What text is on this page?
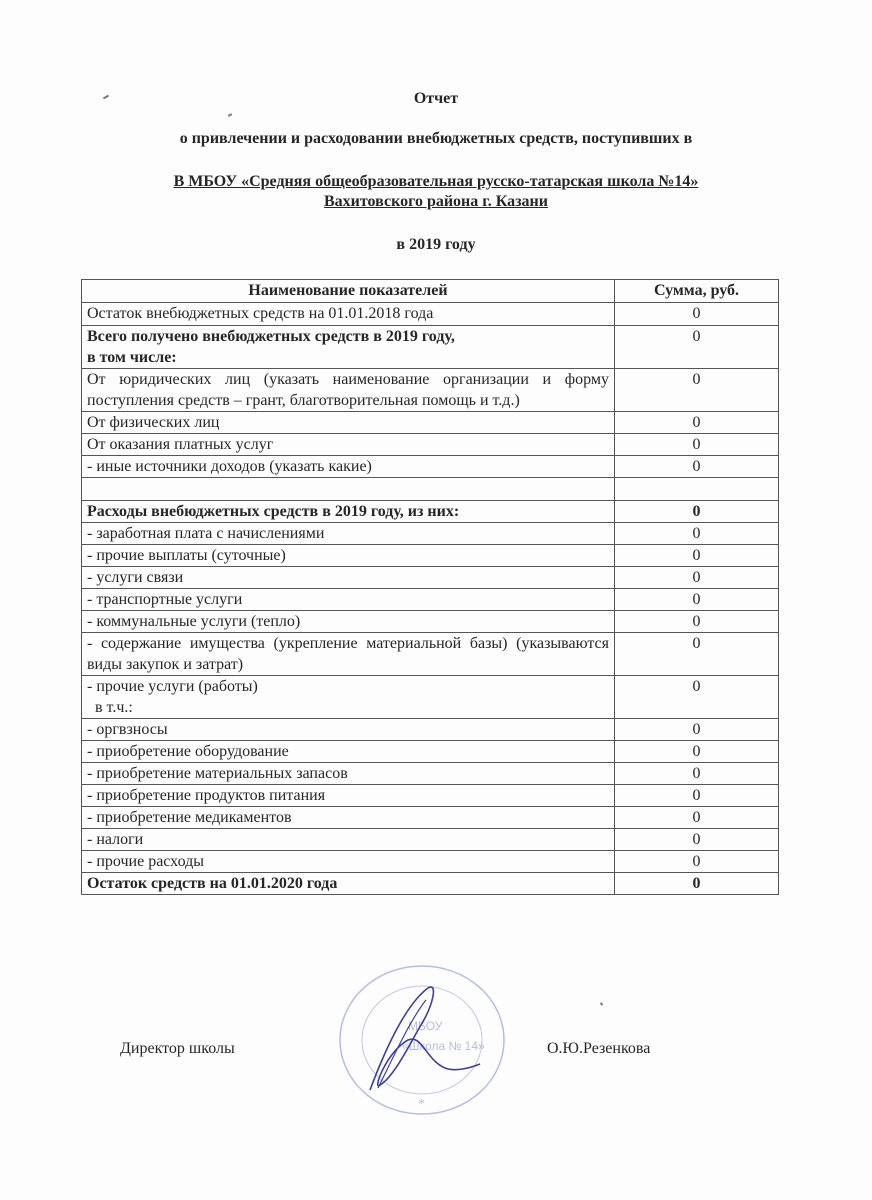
Отчет
о привлечении и расходовании внебюджетных средств, поступивших в
В МБОУ «Средняя общеобразовательная русско-татарская школа №14»
Вахитовского района г. Казани
в 2019 году
Наименование показателей	Сумма, руб.
Остаток внебюджетных средств на 01.01.2018 года	0
Всего получено внебюджетных средств в 2019 году,
в том числе:	0
От юридических лиц (указать наименование организации и форму поступления средств – грант, благотворительная помощь и т.д.)	0
От физических лиц	0
От оказания платных услуг	0
- иные источники доходов (указать какие)	0

Расходы внебюджетных средств в 2019 году, из них:	0
- заработная плата с начислениями	0
- прочие выплаты (суточные)	0
- услуги связи	0
- транспортные услуги	0
- коммунальные услуги (тепло)	0
- содержание имущества (укрепление материальной базы) (указываются виды закупок и затрат)	0
- прочие услуги (работы)
в т.ч.:	0
- оргвзносы	0
- приобретение оборудование	0
- приобретение материальных запасов	0
- приобретение продуктов питания	0
- приобретение медикаментов	0
- налоги	0
- прочие расходы	0
Остаток средств на 01.01.2020 года	0
Директор школы	О.Ю.Резенкова
МБОУ
«Школа № 14»
*
